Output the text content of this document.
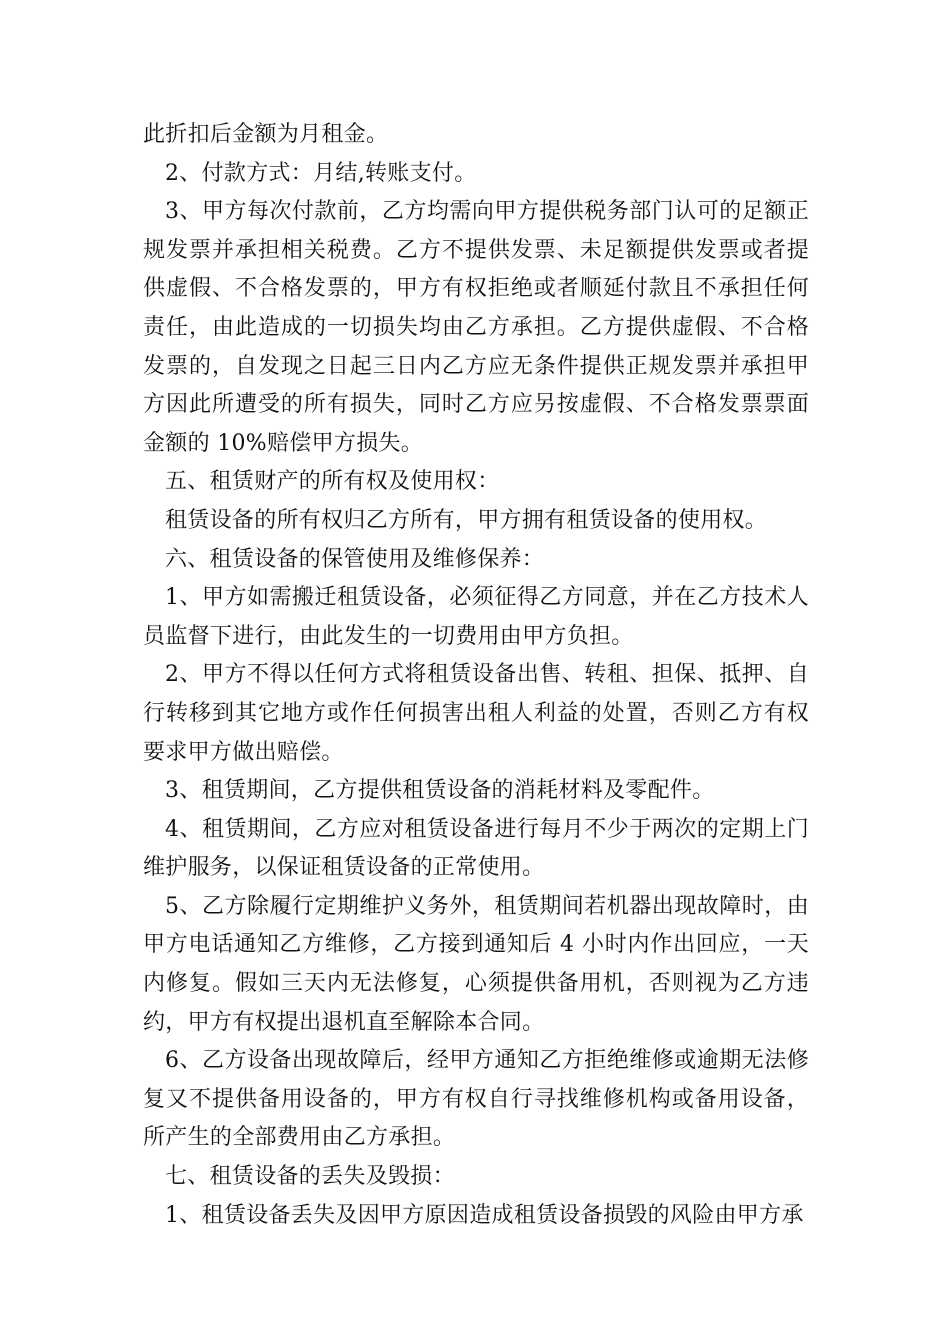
此折扣后金额为月租金。

2、付款方式：月结,转账支付。

3、甲方每次付款前，乙方均需向甲方提供税务部门认可的足额正规发票并承担相关税费。乙方不提供发票、未足额提供发票或者提供虚假、不合格发票的，甲方有权拒绝或者顺延付款且不承担任何责任，由此造成的一切损失均由乙方承担。乙方提供虚假、不合格发票的，自发现之日起三日内乙方应无条件提供正规发票并承担甲方因此所遭受的所有损失，同时乙方应另按虚假、不合格发票票面金额的 10%赔偿甲方损失。

五、租赁财产的所有权及使用权：

租赁设备的所有权归乙方所有，甲方拥有租赁设备的使用权。

六、租赁设备的保管使用及维修保养：

1、甲方如需搬迁租赁设备，必须征得乙方同意，并在乙方技术人员监督下进行，由此发生的一切费用由甲方负担。

2、甲方不得以任何方式将租赁设备出售、转租、担保、抵押、自行转移到其它地方或作任何损害出租人利益的处置，否则乙方有权要求甲方做出赔偿。

3、租赁期间，乙方提供租赁设备的消耗材料及零配件。

4、租赁期间，乙方应对租赁设备进行每月不少于两次的定期上门维护服务，以保证租赁设备的正常使用。

5、乙方除履行定期维护义务外，租赁期间若机器出现故障时，由甲方电话通知乙方维修，乙方接到通知后 4 小时内作出回应，一天内修复。假如三天内无法修复，心须提供备用机，否则视为乙方违约，甲方有权提出退机直至解除本合同。

6、乙方设备出现故障后，经甲方通知乙方拒绝维修或逾期无法修复又不提供备用设备的，甲方有权自行寻找维修机构或备用设备，所产生的全部费用由乙方承担。

七、租赁设备的丢失及毁损：

1、租赁设备丢失及因甲方原因造成租赁设备损毁的风险由甲方承
